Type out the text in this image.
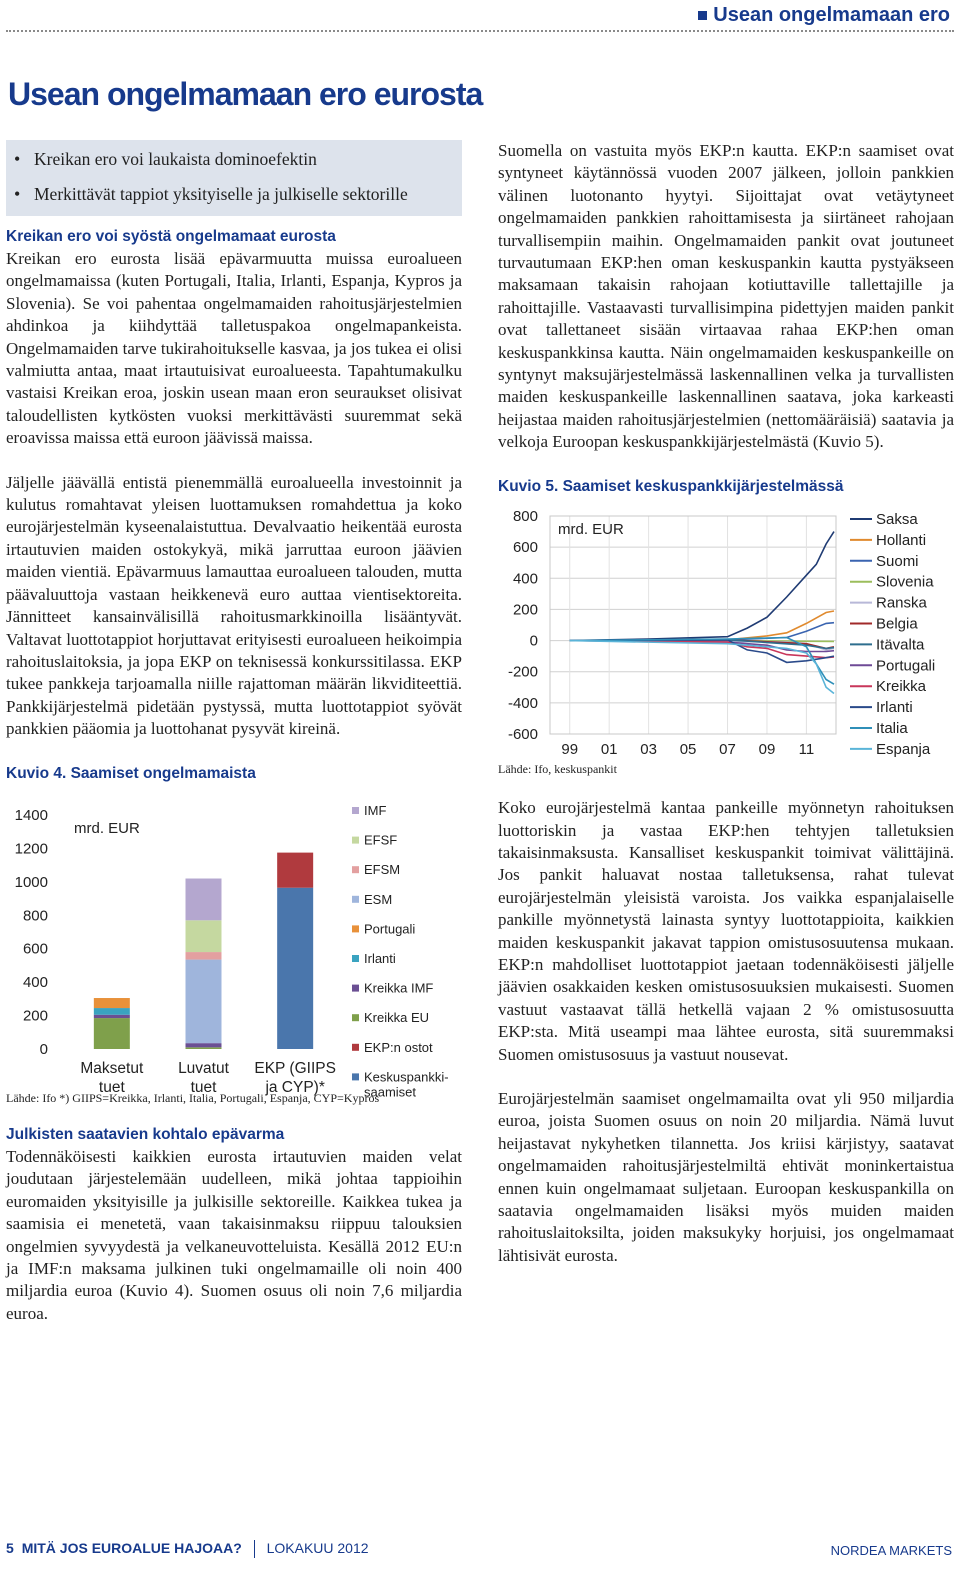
Usean ongelmamaan ero
Usean ongelmamaan ero eurosta
• Kreikan ero voi laukaista dominoefektin
• Merkittävät tappiot yksityiselle ja julkiselle sektorille

Kreikan ero voi syöstä ongelmamaat eurosta

Kreikan ero eurosta lisää epävarmuutta muissa euroalueen ongelmamaissa (kuten Portugali, Italia, Irlanti, Espanja, Kypros ja Slovenia). Se voi pahentaa ongelmamaiden rahoitusjärjestelmien ahdinkoa ja kiihdyttää talletuspakoa ongelmapankeista. Ongelmamaiden tarve tukirahoitukselle kasvaa, ja jos tukea ei olisi valmiutta antaa, maat irtautuisivat euroalueesta. Tapahtumakulku vastaisi Kreikan eroa, joskin usean maan eron seuraukset olisivat taloudellisten kytkösten vuoksi merkittävästi suuremmat sekä eroavissa maissa että euroon jäävissä maissa.

Jäljelle jäävällä entistä pienemmällä euroalueella investoinnit ja kulutus romahtavat yleisen luottamuksen romahdettua ja koko eurojärjestelmän kyseenalaistuttua. Devalvaatio heikentää eurosta irtautuvien maiden ostokykyä, mikä jarruttaa euroon jäävien maiden vientiä. Epävarmuus lamauttaa euroalueen talouden, mutta päävaluuttoja vastaan heikkenevä euro auttaa vientisektoreita. Jännitteet kansainvälisillä rahoitusmarkkinoilla lisääntyvät. Valtavat luottotappiot horjuttavat erityisesti euroalueen heikoimpia rahoituslaitoksia, ja jopa EKP on teknisessä konkurssitilassa. EKP tukee pankkeja tarjoamalla niille rajattoman määrän likviditeettiä. Pankkijärjestelmä pidetään pystyssä, mutta luottotappiot syövät pankkien pääomia ja luottohanat pysyvät kireinä.

Kuvio 4. Saamiset ongelmamaista

0
200
400
600
800
1000
1200
1400
mrd. EUR
Maksetut tuet
Luvatut tuet
EKP (GIIPS ja CYP)*
IMF
EFSF
EFSM
ESM
Portugali
Irlanti
Kreikka IMF
Kreikka EU
EKP:n ostot
Keskuspankki-saamiset

Lähde: Ifo *) GIIPS=Kreikka, Irlanti, Italia, Portugali, Espanja, CYP=Kypros

Julkisten saatavien kohtalo epävarma

Todennäköisesti kaikkien eurosta irtautuvien maiden velat joudutaan järjestelemään uudelleen, mikä johtaa tappioihin euromaiden yksityisille ja julkisille sektoreille. Kaikkea tukea ja saamisia ei menetetä, vaan takaisinmaksu riippuu talouksien ongelmien syvyydestä ja velkaneuvotteluista. Kesällä 2012 EU:n ja IMF:n maksama julkinen tuki ongelmamaille oli noin 400 miljardia euroa (Kuvio 4). Suomen osuus oli noin 7,6 miljardia euroa.

Suomella on vastuita myös EKP:n kautta. EKP:n saamiset ovat syntyneet käytännössä vuoden 2007 jälkeen, jolloin pankkien välinen luotonanto hyytyi. Sijoittajat ovat vetäytyneet ongelmamaiden pankkien rahoittamisesta ja siirtäneet rahojaan turvallisempiin maihin. Ongelmamaiden pankit ovat joutuneet turvautumaan EKP:hen oman keskuspankin kautta pystyäkseen maksamaan takaisin rahojaan kotiuttaville tallettajille ja rahoittajille. Vastaavasti turvallisimpina pidettyjen maiden pankit ovat tallettaneet sisään virtaavaa rahaa EKP:hen oman keskuspankkinsa kautta. Näin ongelmamaiden keskuspankeille on syntynyt maksujärjestelmässä laskennallinen velka ja turvallisten maiden keskuspankeille laskennallinen saatava, joka karkeasti heijastaa maiden rahoitusjärjestelmien (nettomääräisiä) saatavia ja velkoja Euroopan keskuspankkijärjestelmästä (Kuvio 5).

Kuvio 5. Saamiset keskuspankkijärjestelmässä

-600
-400
-200
0
200
400
600
800
99 01 03 05 07 09 11
mrd. EUR
Saksa
Hollanti
Suomi
Slovenia
Ranska
Belgia
Itävalta
Portugali
Kreikka
Irlanti
Italia
Espanja

Lähde: Ifo, keskuspankit

Koko eurojärjestelmä kantaa pankeille myönnetyn rahoituksen luottoriskin ja vastaa EKP:hen tehtyjen talletuksien takaisinmaksusta. Kansalliset keskuspankit toimivat välittäjinä. Jos pankit haluavat nostaa talletuksensa, rahat tulevat eurojärjestelmän yleisistä varoista. Jos vaikka espanjalaiselle pankille myönnetystä lainasta syntyy luottotappioita, kaikkien maiden keskuspankit jakavat tappion omistusosuutensa mukaan. EKP:n mahdolliset luottotappiot jaetaan todennäköisesti jäljelle jäävien osakkaiden kesken omistusosuuksien mukaisesti. Suomen vastuut vastaavat tällä hetkellä vajaan 2 % omistusosuutta EKP:sta. Mitä useampi maa lähtee eurosta, sitä suuremmaksi Suomen omistusosuus ja vastuut nousevat.

Eurojärjestelmän saamiset ongelmamailta ovat yli 950 miljardia euroa, joista Suomen osuus on noin 20 miljardia. Nämä luvut heijastavat nykyhetken tilannetta. Jos kriisi kärjistyy, saatavat ongelmamaiden rahoitusjärjestelmiltä ehtivät moninkertaistua ennen kuin ongelmamaat suljetaan. Euroopan keskuspankilla on saatavia ongelmamaiden lisäksi myös muiden maiden rahoituslaitoksilta, joiden maksukyky horjuisi, jos ongelmamaat lähtisivät eurosta.

5 MITÄ JOS EUROALUE HAJOAA? LOKAKUU 2012	NORDEA MARKETS
